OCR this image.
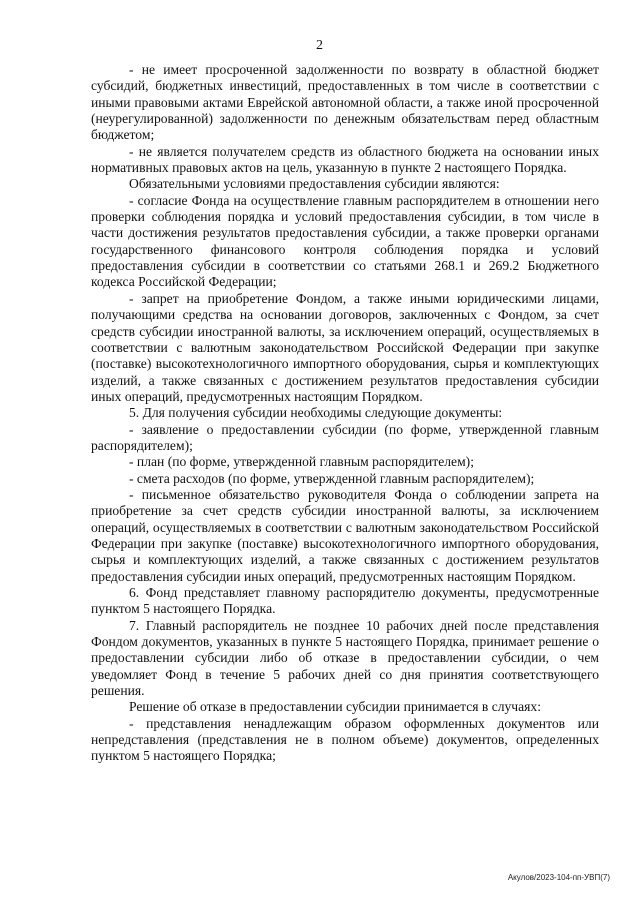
2

- не имеет просроченной задолженности по возврату в областной бюджет субсидий, бюджетных инвестиций, предоставленных в том числе в соответствии с иными правовыми актами Еврейской автономной области, а также иной просроченной (неурегулированной) задолженности по денежным обязательствам перед областным бюджетом;

- не является получателем средств из областного бюджета на основании иных нормативных правовых актов на цель, указанную в пункте 2 настоящего Порядка.

Обязательными условиями предоставления субсидии являются:

- согласие Фонда на осуществление главным распорядителем в отношении него проверки соблюдения порядка и условий предоставления субсидии, в том числе в части достижения результатов предоставления субсидии, а также проверки органами государственного финансового контроля соблюдения порядка и условий предоставления субсидии в соответствии со статьями 268.1 и 269.2 Бюджетного кодекса Российской Федерации;

- запрет на приобретение Фондом, а также иными юридическими лицами, получающими средства на основании договоров, заключенных с Фондом, за счет средств субсидии иностранной валюты, за исключением операций, осуществляемых в соответствии с валютным законодательством Российской Федерации при закупке (поставке) высокотехнологичного импортного оборудования, сырья и комплектующих изделий, а также связанных с достижением результатов предоставления субсидии иных операций, предусмотренных настоящим Порядком.

5. Для получения субсидии необходимы следующие документы:

- заявление о предоставлении субсидии (по форме, утвержденной главным распорядителем);

- план (по форме, утвержденной главным распорядителем);

- смета расходов (по форме, утвержденной главным распорядителем);

- письменное обязательство руководителя Фонда о соблюдении запрета на приобретение за счет средств субсидии иностранной валюты, за исключением операций, осуществляемых в соответствии с валютным законодательством Российской Федерации при закупке (поставке) высокотехнологичного импортного оборудования, сырья и комплектующих изделий, а также связанных с достижением результатов предоставления субсидии иных операций, предусмотренных настоящим Порядком.

6. Фонд представляет главному распорядителю документы, предусмотренные пунктом 5 настоящего Порядка.

7. Главный распорядитель не позднее 10 рабочих дней после представления Фондом документов, указанных в пункте 5 настоящего Порядка, принимает решение о предоставлении субсидии либо об отказе в предоставлении субсидии, о чем уведомляет Фонд в течение 5 рабочих дней со дня принятия соответствующего решения.

Решение об отказе в предоставлении субсидии принимается в случаях:

- представления ненадлежащим образом оформленных документов или непредставления (представления не в полном объеме) документов, определенных пунктом 5 настоящего Порядка;

Акулов/2023-104-пп-УВП(7)
